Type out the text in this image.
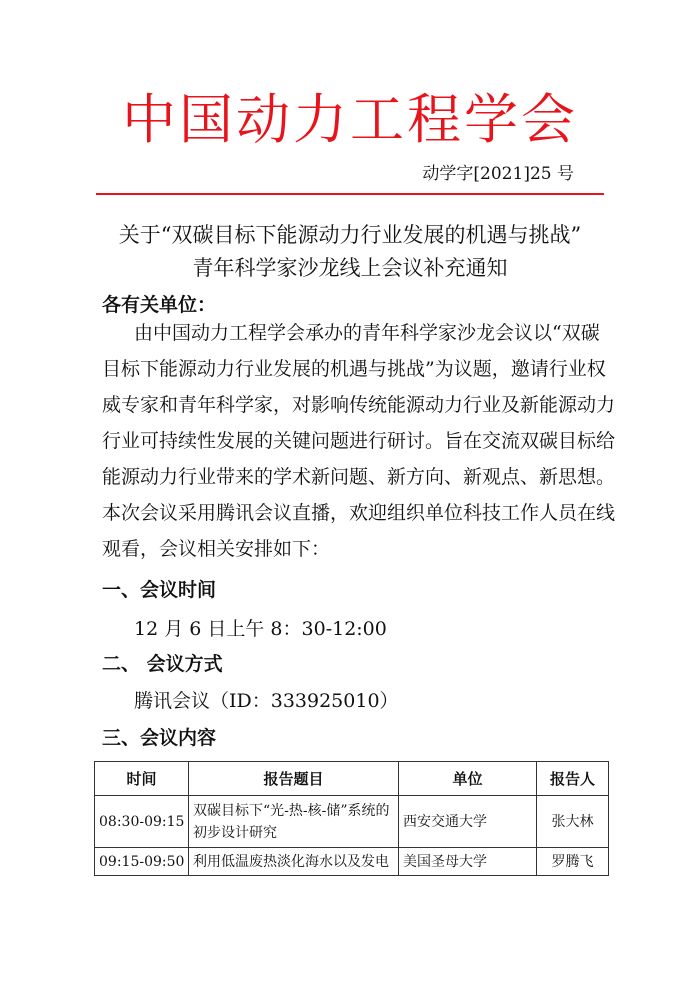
中国动力工程学会
动学字[2021]25 号
关于“双碳目标下能源动力行业发展的机遇与挑战”
青年科学家沙龙线上会议补充通知
各有关单位：
由中国动力工程学会承办的青年科学家沙龙会议以“双碳
目标下能源动力行业发展的机遇与挑战”为议题，邀请行业权
威专家和青年科学家，对影响传统能源动力行业及新能源动力
行业可持续性发展的关键问题进行研讨。旨在交流双碳目标给
能源动力行业带来的学术新问题、新方向、新观点、新思想。
本次会议采用腾讯会议直播，欢迎组织单位科技工作人员在线
观看，会议相关安排如下：
一、会议时间
12 月 6 日上午 8：30-12:00
二、 会议方式
腾讯会议（ID：333925010）
三、会议内容
时间	报告题目	单位	报告人
08:30-09:15	双碳目标下“光-热-核-储”系统的初步设计研究	西安交通大学	张大林
09:15-09:50	利用低温废热淡化海水以及发电	美国圣母大学	罗腾飞
